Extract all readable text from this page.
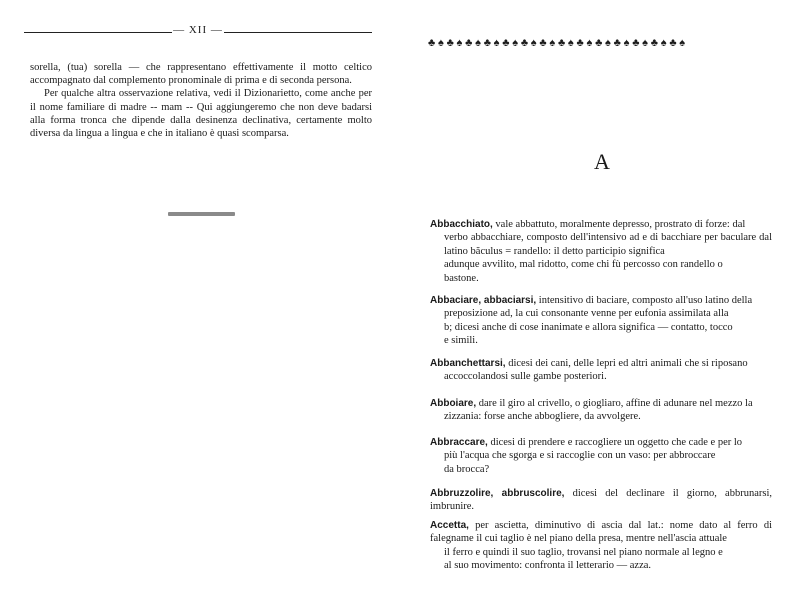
— XII —

sorella, (tua) sorella — che rappresentano effettivamente il motto celtico accompagnato dal complemento pronominale di prima e di seconda persona.

Per qualche altra osservazione relativa, vedi il Dizionarietto, come anche per il nome familiare di madre -- mam -- Qui aggiungeremo che non deve badarsi alla forma tronca che dipende dalla desinenza declinativa, certamente molto diversa da lingua a lingua e che in italiano è quasi scomparsa.

♣ ♠ ♣ ♠ ♣ ♠ ♣ ♠ ♣ ♠ ♣ ♠ ♣ ♠ ♣ ♠ ♣ ♠ ♣ ♠ ♣ ♠ ♣ ♠ ♣ ♠ ♣ ♠
A
Abbacchiato, vale abbattuto, moralmente depresso, prostrato di forze: dal
verbo abbacchiare, composto dell'intensivo ad e di bacchiare per baculare dal latino băculus = randello: il detto participio significa
adunque avvilito, mal ridotto, come chi fù percosso con randello o
bastone.
Abbaciare, abbaciarsi, intensitivo di baciare, composto all'uso latino della
preposizione ad, la cui consonante venne per eufonia assimilata alla
b; dicesi anche di cose inanimate e allora significa — contatto, tocco
e simili.
Abbanchettarsi, dicesi dei cani, delle lepri ed altri animali che si riposano
accoccolandosi sulle gambe posteriori.
Abboiare, dare il giro al crivello, o giogliaro, affine di adunare nel mezzo la
zizzania: forse anche abbogliere, da avvolgere.
Abbraccare, dicesi di prendere e raccogliere un oggetto che cade e per lo
più l'acqua che sgorga e si raccoglie con un vaso: per abbroccare
da brocca?
Abbruzzolire, abbruscolire, dicesi del declinare il giorno, abbrunarsi, imbrunire.
Accetta, per ascietta, diminutivo di ascia dal lat.: nome dato al ferro di falegname il cui taglio è nel piano della presa, mentre nell'ascia attuale
il ferro e quindi il suo taglio, trovansi nel piano normale al legno e
al suo movimento: confronta il letterario — azza.
